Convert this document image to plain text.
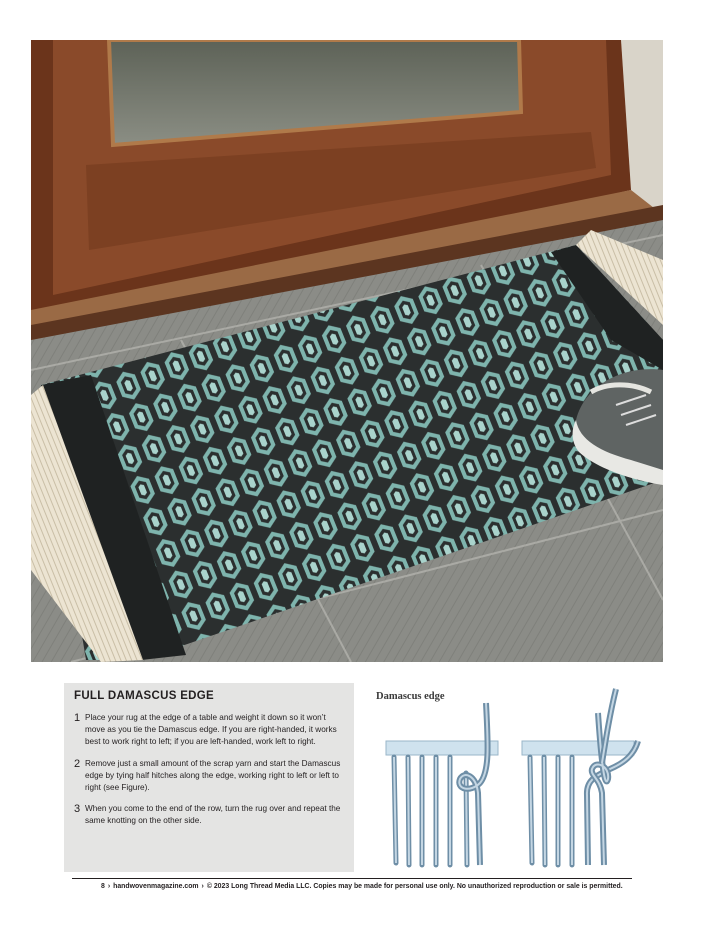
FULL DAMASCUS EDGE
1 Place your rug at the edge of a table and weight it down so it won’t move as you tie the Damascus edge. If you are right-handed, it works best to work right to left; if you are left-handed, work left to right.
2 Remove just a small amount of the scrap yarn and start the Damascus edge by tying half hitches along the edge, working right to left or left to right (see Figure).
3 When you come to the end of the row, turn the rug over and repeat the same knotting on the other side.
Damascus edge
8 › handwovenmagazine.com › © 2023 Long Thread Media LLC. Copies may be made for personal use only. No unauthorized reproduction or sale is permitted.
